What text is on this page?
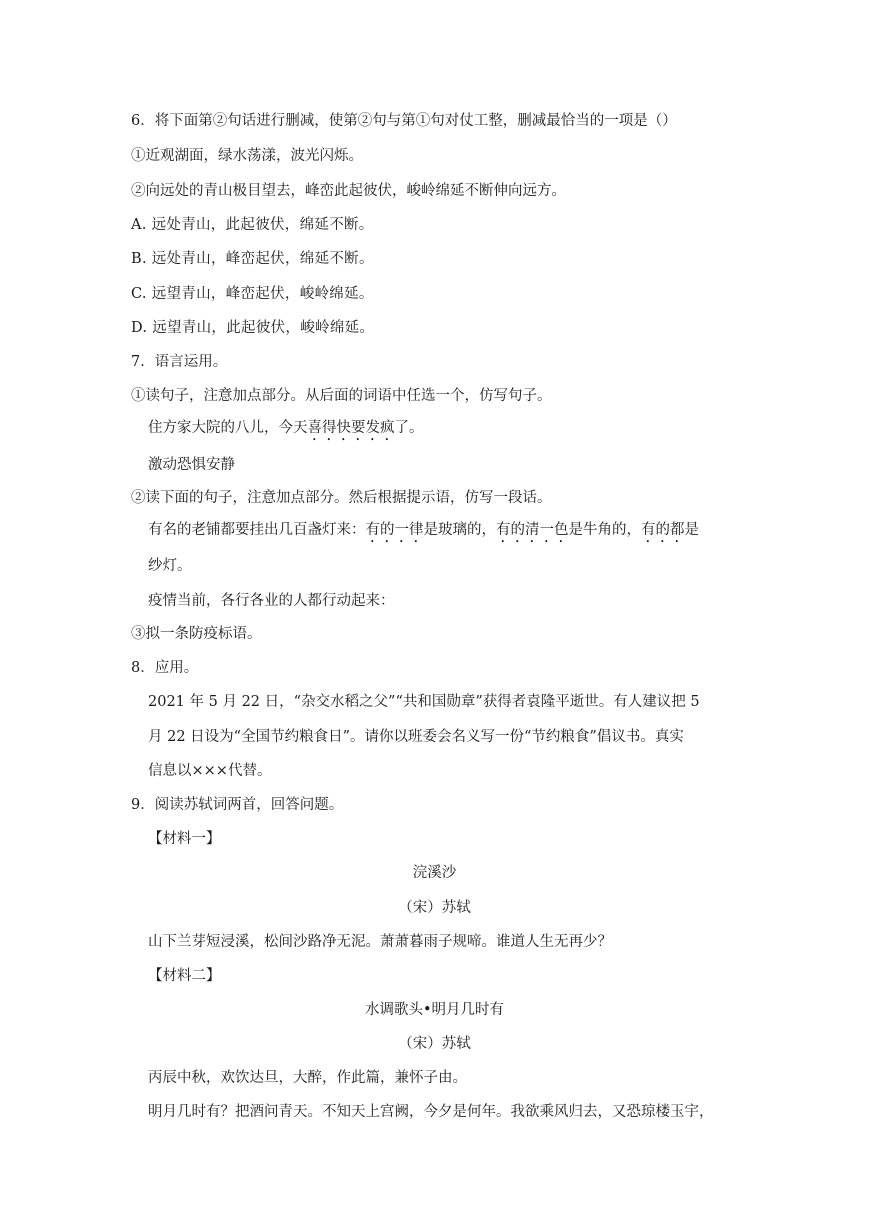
6．将下面第②句话进行删减，使第②句与第①句对仗工整，删减最恰当的一项是（）
①近观湖面，绿水荡漾，波光闪烁。
②向远处的青山极目望去，峰峦此起彼伏，峻岭绵延不断伸向远方。
A. 远处青山，此起彼伏，绵延不断。
B. 远处青山，峰峦起伏，绵延不断。
C. 远望青山，峰峦起伏，峻岭绵延。
D. 远望青山，此起彼伏，峻岭绵延。
7．语言运用。
①读句子，注意加点部分。从后面的词语中任选一个，仿写句子。
住方家大院的八儿，今天喜得快要发疯了。
激动恐惧安静
②读下面的句子，注意加点部分。然后根据提示语，仿写一段话。
有名的老铺都要挂出几百盏灯来：有的一律是玻璃的，有的清一色是牛角的，有的都是
纱灯。
疫情当前，各行各业的人都行动起来：
③拟一条防疫标语。
8．应用。
2021 年 5 月 22 日，“杂交水稻之父”“共和国勋章”获得者袁隆平逝世。有人建议把 5
月 22 日设为“全国节约粮食日”。请你以班委会名义写一份“节约粮食”倡议书。真实
信息以×××代替。
9．阅读苏轼词两首，回答问题。
【材料一】
浣溪沙
（宋）苏轼
山下兰芽短浸溪，松间沙路净无泥。萧萧暮雨子规啼。谁道人生无再少？
【材料二】
水调歌头•明月几时有
（宋）苏轼
丙辰中秋，欢饮达旦，大醉，作此篇，兼怀子由。
明月几时有？把酒问青天。不知天上宫阙，今夕是何年。我欲乘风归去，又恐琼楼玉宇，
